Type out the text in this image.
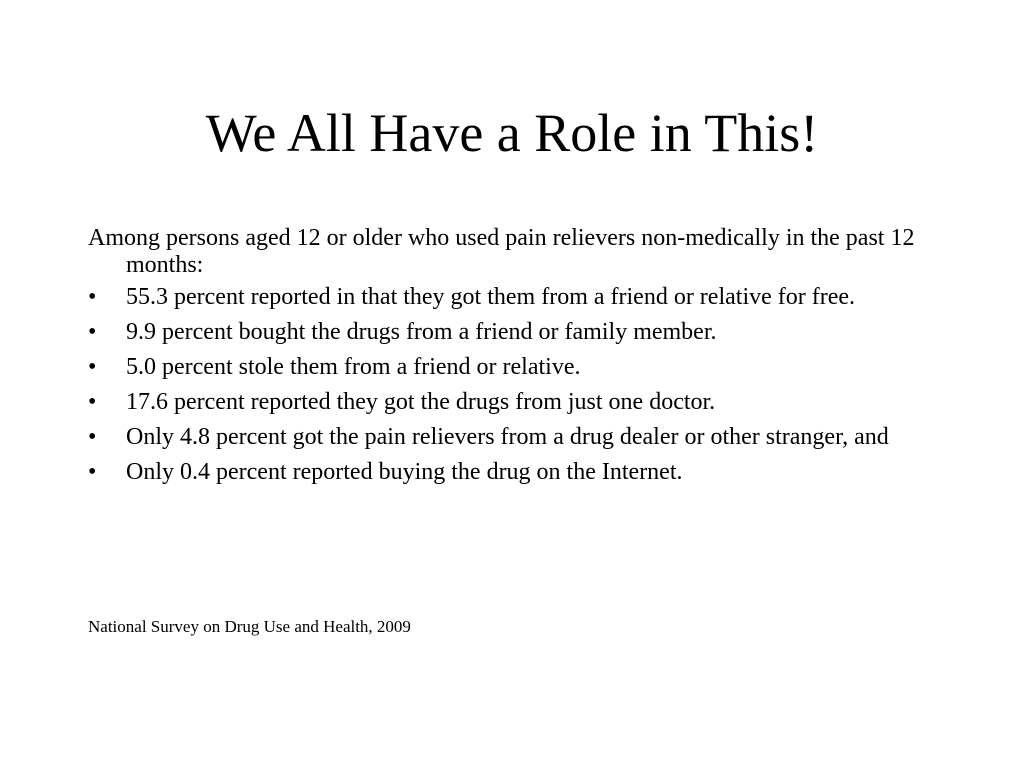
We All Have a Role in This!

Among persons aged 12 or older who used pain relievers non-medically in the past 12 months:

• 55.3 percent reported in that they got them from a friend or relative for free.
• 9.9 percent bought the drugs from a friend or family member.
• 5.0 percent stole them from a friend or relative.
• 17.6 percent reported they got the drugs from just one doctor.
• Only 4.8 percent got the pain relievers from a drug dealer or other stranger, and
• Only 0.4 percent reported buying the drug on the Internet.
National Survey on Drug Use and Health, 2009
